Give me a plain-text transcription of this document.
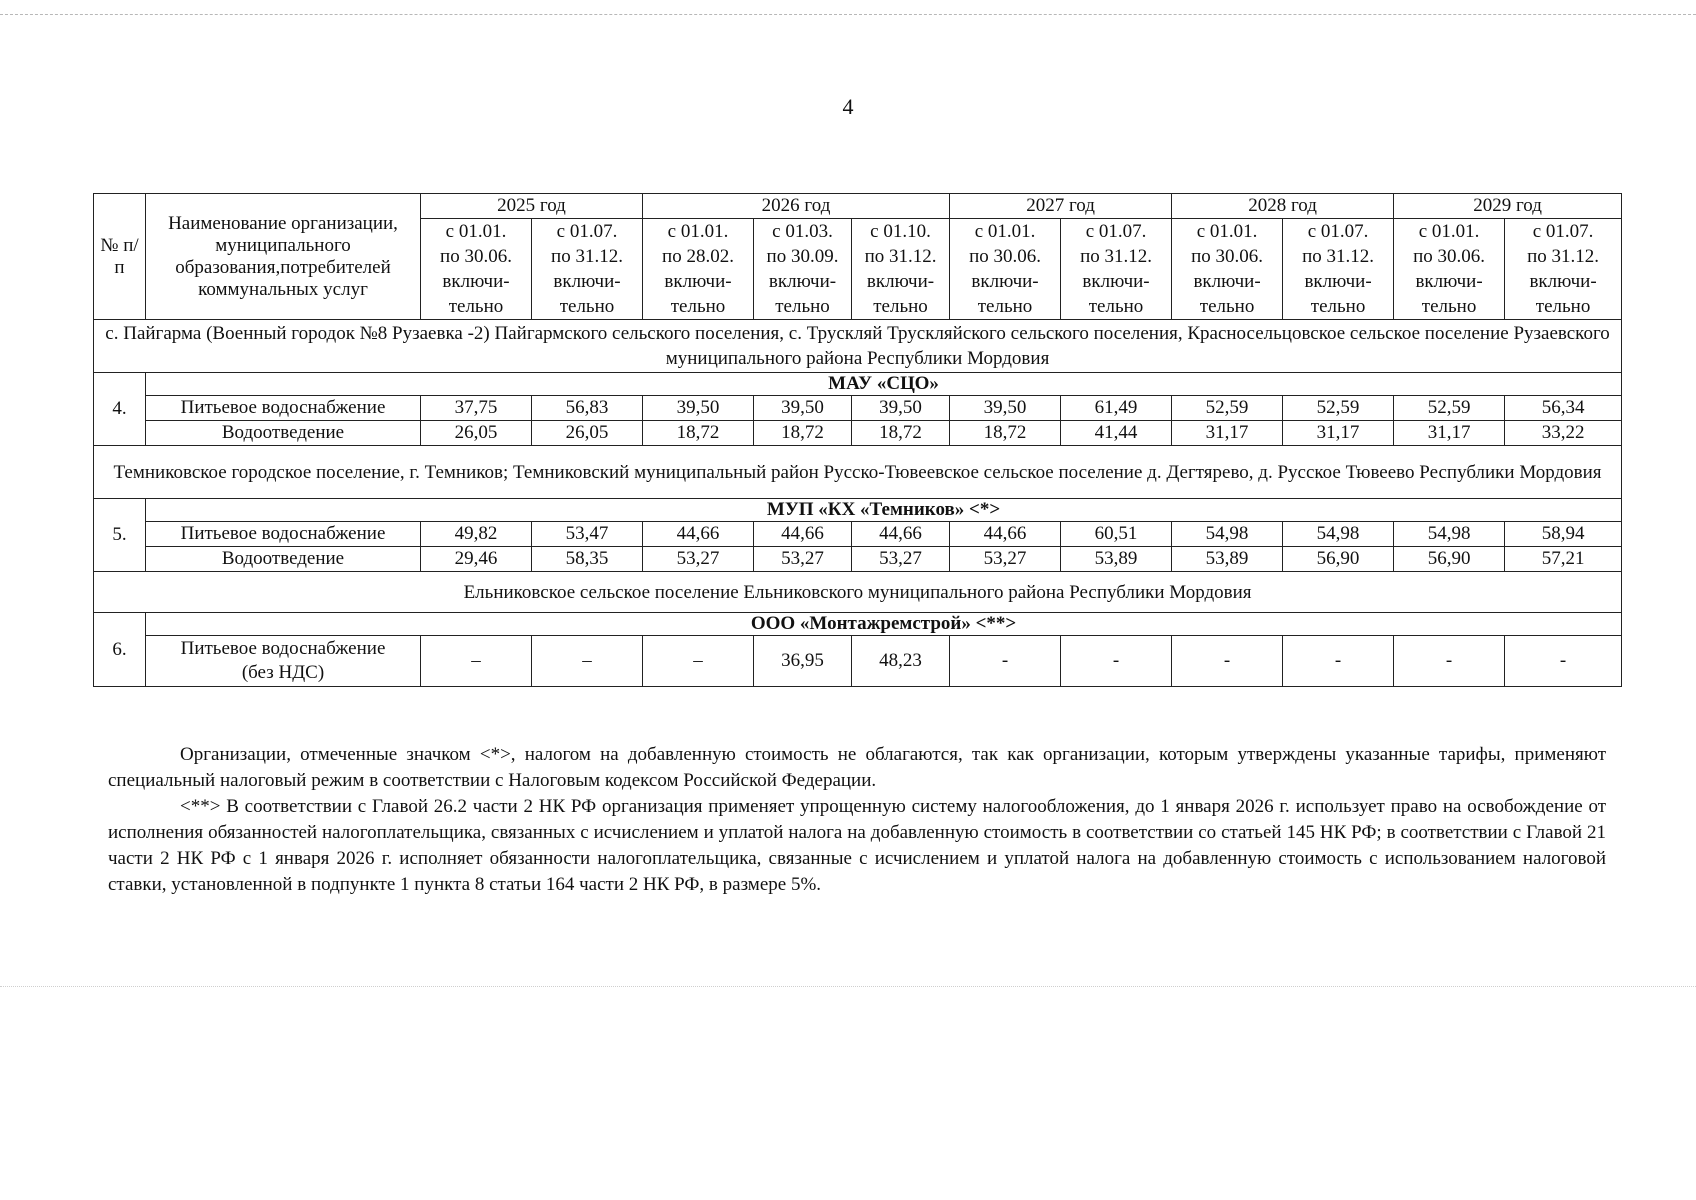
4
№ п/п	Наименование организации, муниципального образования,потребителей коммунальных услуг	2025 год		2026 год			2027 год		2028 год		2029 год	
		с 01.01.
по 30.06.
включи-
тельно	с 01.07.
по 31.12.
включи-
тельно	с 01.01.
по 28.02.
включи-
тельно	с 01.03.
по 30.09.
включи-
тельно	с 01.10.
по 31.12.
включи-
тельно	с 01.01.
по 30.06.
включи-
тельно	с 01.07.
по 31.12.
включи-
тельно	с 01.01.
по 30.06.
включи-
тельно	с 01.07.
по 31.12.
включи-
тельно	с 01.01.
по 30.06.
включи-
тельно	с 01.07.
по 31.12.
включи-
тельно
с. Пайгарма (Военный городок №8 Рузаевка -2) Пайгармского сельского поселения, с. Трускляй Трускляйского сельского поселения, Красносельцовское сельское поселение Рузаевского муниципального района Республики Мордовия												
4.	МАУ «СЦО»											
	Питьевое водоснабжение	37,75	56,83	39,50	39,50	39,50	39,50	61,49	52,59	52,59	52,59	56,34
	Водоотведение	26,05	26,05	18,72	18,72	18,72	18,72	41,44	31,17	31,17	31,17	33,22
Темниковское городское поселение, г. Темников; Темниковский муниципальный район Русско-Тювеевское сельское поселение д. Дегтярево, д. Русское Тювеево Республики Мордовия												
5.	МУП «КХ «Темников» <*>											
	Питьевое водоснабжение	49,82	53,47	44,66	44,66	44,66	44,66	60,51	54,98	54,98	54,98	58,94
	Водоотведение	29,46	58,35	53,27	53,27	53,27	53,27	53,89	53,89	56,90	56,90	57,21
Ельниковское сельское поселение Ельниковского муниципального района Республики Мордовия												
6.	ООО «Монтажремстрой» <**>											
	Питьевое водоснабжение
(без НДС)	–	–	–	36,95	48,23	-	-	-	-	-	-

Организации, отмеченные значком <*>, налогом на добавленную стоимость не облагаются, так как организации, которым утверждены указанные тарифы, применяют специальный налоговый режим в соответствии с Налоговым кодексом Российской Федерации.

<**> В соответствии с Главой 26.2 части 2 НК РФ организация применяет упрощенную систему налогообложения, до 1 января 2026 г. использует право на освобождение от исполнения обязанностей налогоплательщика, связанных с исчислением и уплатой налога на добавленную стоимость в соответствии со статьей 145 НК РФ; в соответствии с Главой 21 части 2 НК РФ с 1 января 2026 г. исполняет обязанности налогоплательщика, связанные с исчислением и уплатой налога на добавленную стоимость с использованием налоговой ставки, установленной в подпункте 1 пункта 8 статьи 164 части 2 НК РФ, в размере 5%.
